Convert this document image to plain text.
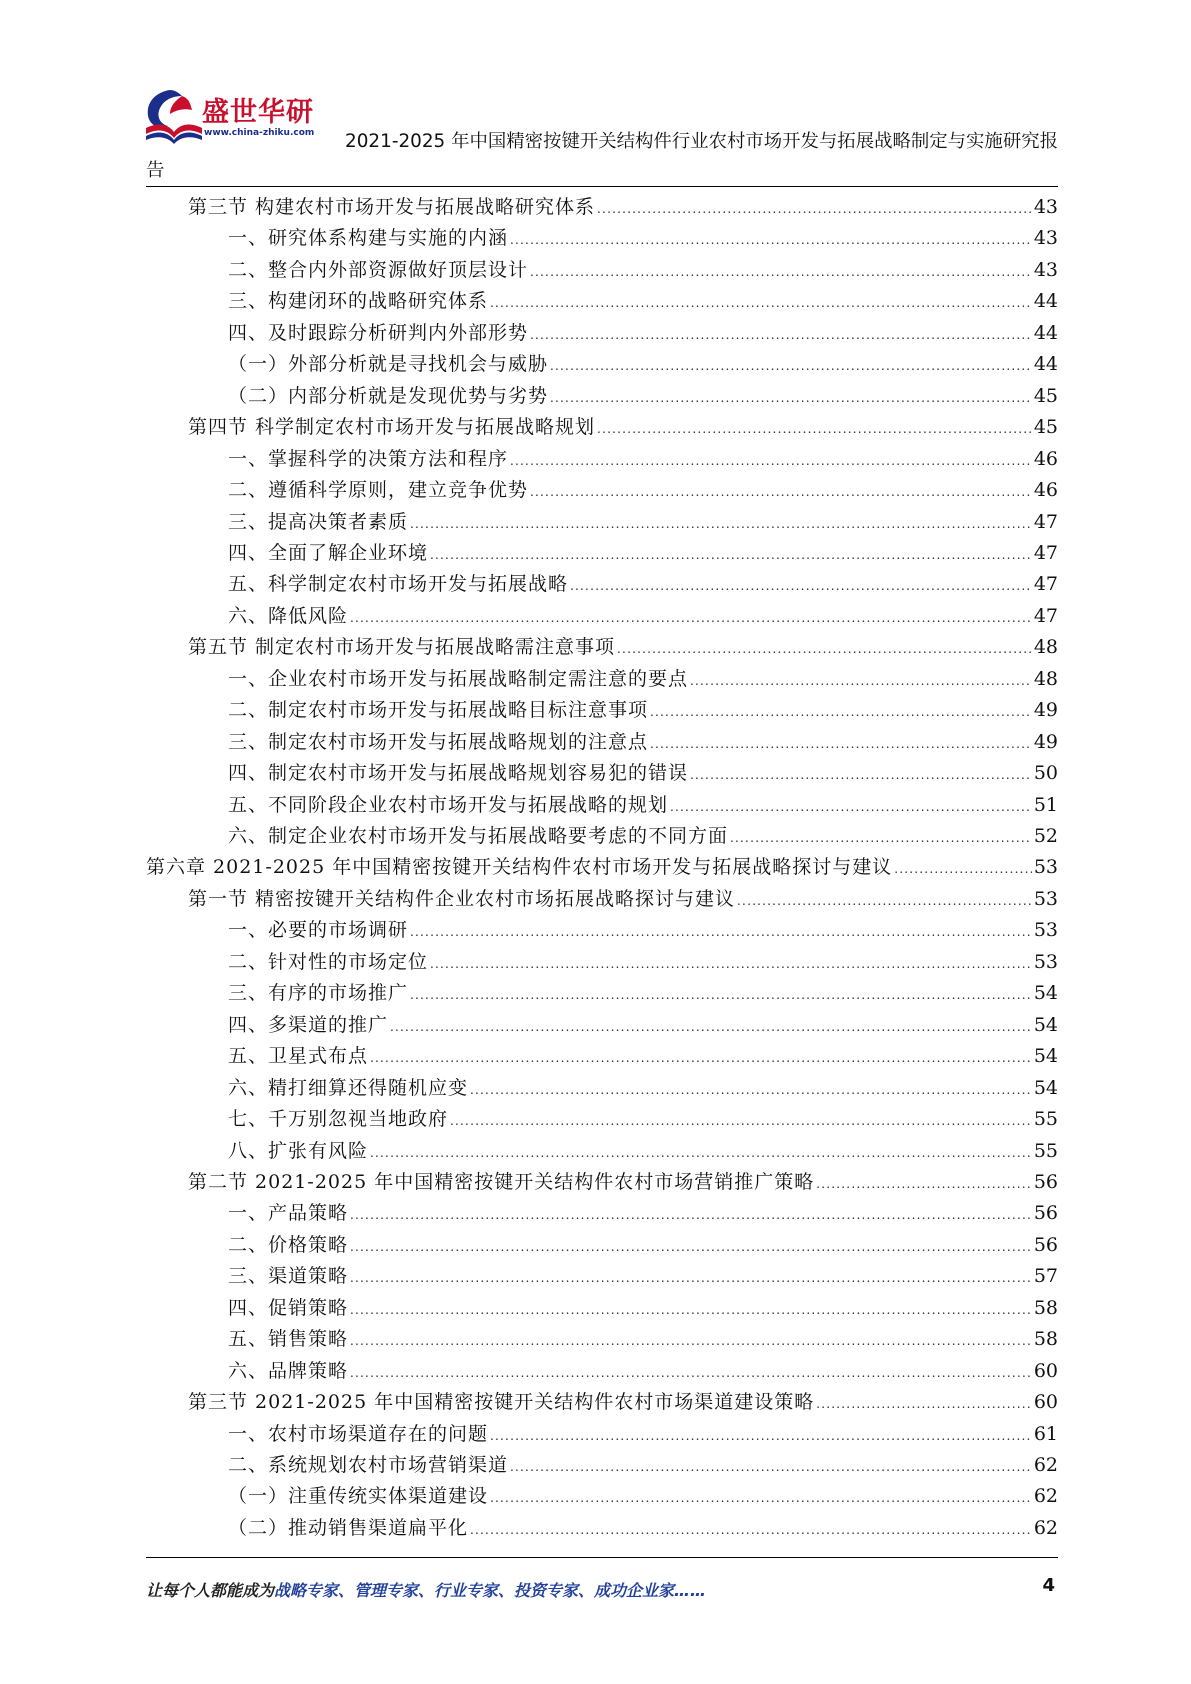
盛世华研
www.china-zhiku.com	2021-2025 年中国精密按键开关结构件行业农村市场开发与拓展战略制定与实施研究报
告
第三节 构建农村市场开发与拓展战略研究体系 .....	43
一、研究体系构建与实施的内涵 .....	43
二、整合内外部资源做好顶层设计 .....	43
三、构建闭环的战略研究体系 .....	44
四、及时跟踪分析研判内外部形势 .....	44
（一）外部分析就是寻找机会与威胁 .....	44
（二）内部分析就是发现优势与劣势 .....	45
第四节 科学制定农村市场开发与拓展战略规划 .....	45
一、掌握科学的决策方法和程序 .....	46
二、遵循科学原则，建立竞争优势 .....	46
三、提高决策者素质 .....	47
四、全面了解企业环境 .....	47
五、科学制定农村市场开发与拓展战略 .....	47
六、降低风险 .....	47
第五节 制定农村市场开发与拓展战略需注意事项 .....	48
一、企业农村市场开发与拓展战略制定需注意的要点 .....	48
二、制定农村市场开发与拓展战略目标注意事项 .....	49
三、制定农村市场开发与拓展战略规划的注意点 .....	49
四、制定农村市场开发与拓展战略规划容易犯的错误 .....	50
五、不同阶段企业农村市场开发与拓展战略的规划 .....	51
六、制定企业农村市场开发与拓展战略要考虑的不同方面 .....	52
第六章 2021-2025 年中国精密按键开关结构件农村市场开发与拓展战略探讨与建议 .....	53
第一节 精密按键开关结构件企业农村市场拓展战略探讨与建议 .....	53
一、必要的市场调研 .....	53
二、针对性的市场定位 .....	53
三、有序的市场推广 .....	54
四、多渠道的推广 .....	54
五、卫星式布点 .....	54
六、精打细算还得随机应变 .....	54
七、千万别忽视当地政府 .....	55
八、扩张有风险 .....	55
第二节 2021-2025 年中国精密按键开关结构件农村市场营销推广策略 .....	56
一、产品策略 .....	56
二、价格策略 .....	56
三、渠道策略 .....	57
四、促销策略 .....	58
五、销售策略 .....	58
六、品牌策略 .....	60
第三节 2021-2025 年中国精密按键开关结构件农村市场渠道建设策略 .....	60
一、农村市场渠道存在的问题 .....	61
二、系统规划农村市场营销渠道 .....	62
（一）注重传统实体渠道建设 .....	62
（二）推动销售渠道扁平化 .....	62
让每个人都能成为战略专家、管理专家、行业专家、投资专家、成功企业家……	4
